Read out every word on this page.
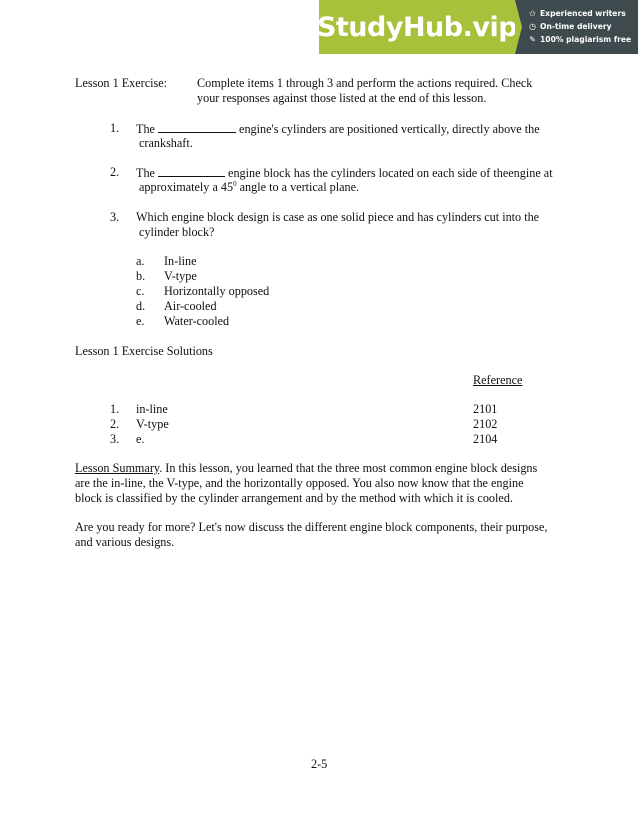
StudyHub.vip ✩ Experienced writers
◷ On-time delivery
✎ 100% plagiarism free
Lesson 1 Exercise: Complete items 1 through 3 and perform the actions required. Check
your responses against those listed at the end of this lesson.
1. The	engine's cylinders are positioned vertically, directly above the
crankshaft.
2. The	engine block has the cylinders located on each side of theengine at
approximately a $45^0$ angle to a vertical plane.
3. Which engine block design is case as one solid piece and has cylinders cut into the
cylinder block?
a. In-line
b. V-type
c. Horizontally opposed
d. Air-cooled
e. Water-cooled
Lesson 1 Exercise Solutions
Reference
1. in-line	2101
2. V-type	2102
3. e.	2104
Lesson Summary. In this lesson, you learned that the three most common engine block designs
are the in-line, the V-type, and the horizontally opposed. You also now know that the engine
block is classified by the cylinder arrangement and by the method with which it is cooled.
Are you ready for more? Let's now discuss the different engine block components, their purpose,
and various designs.
2-5
